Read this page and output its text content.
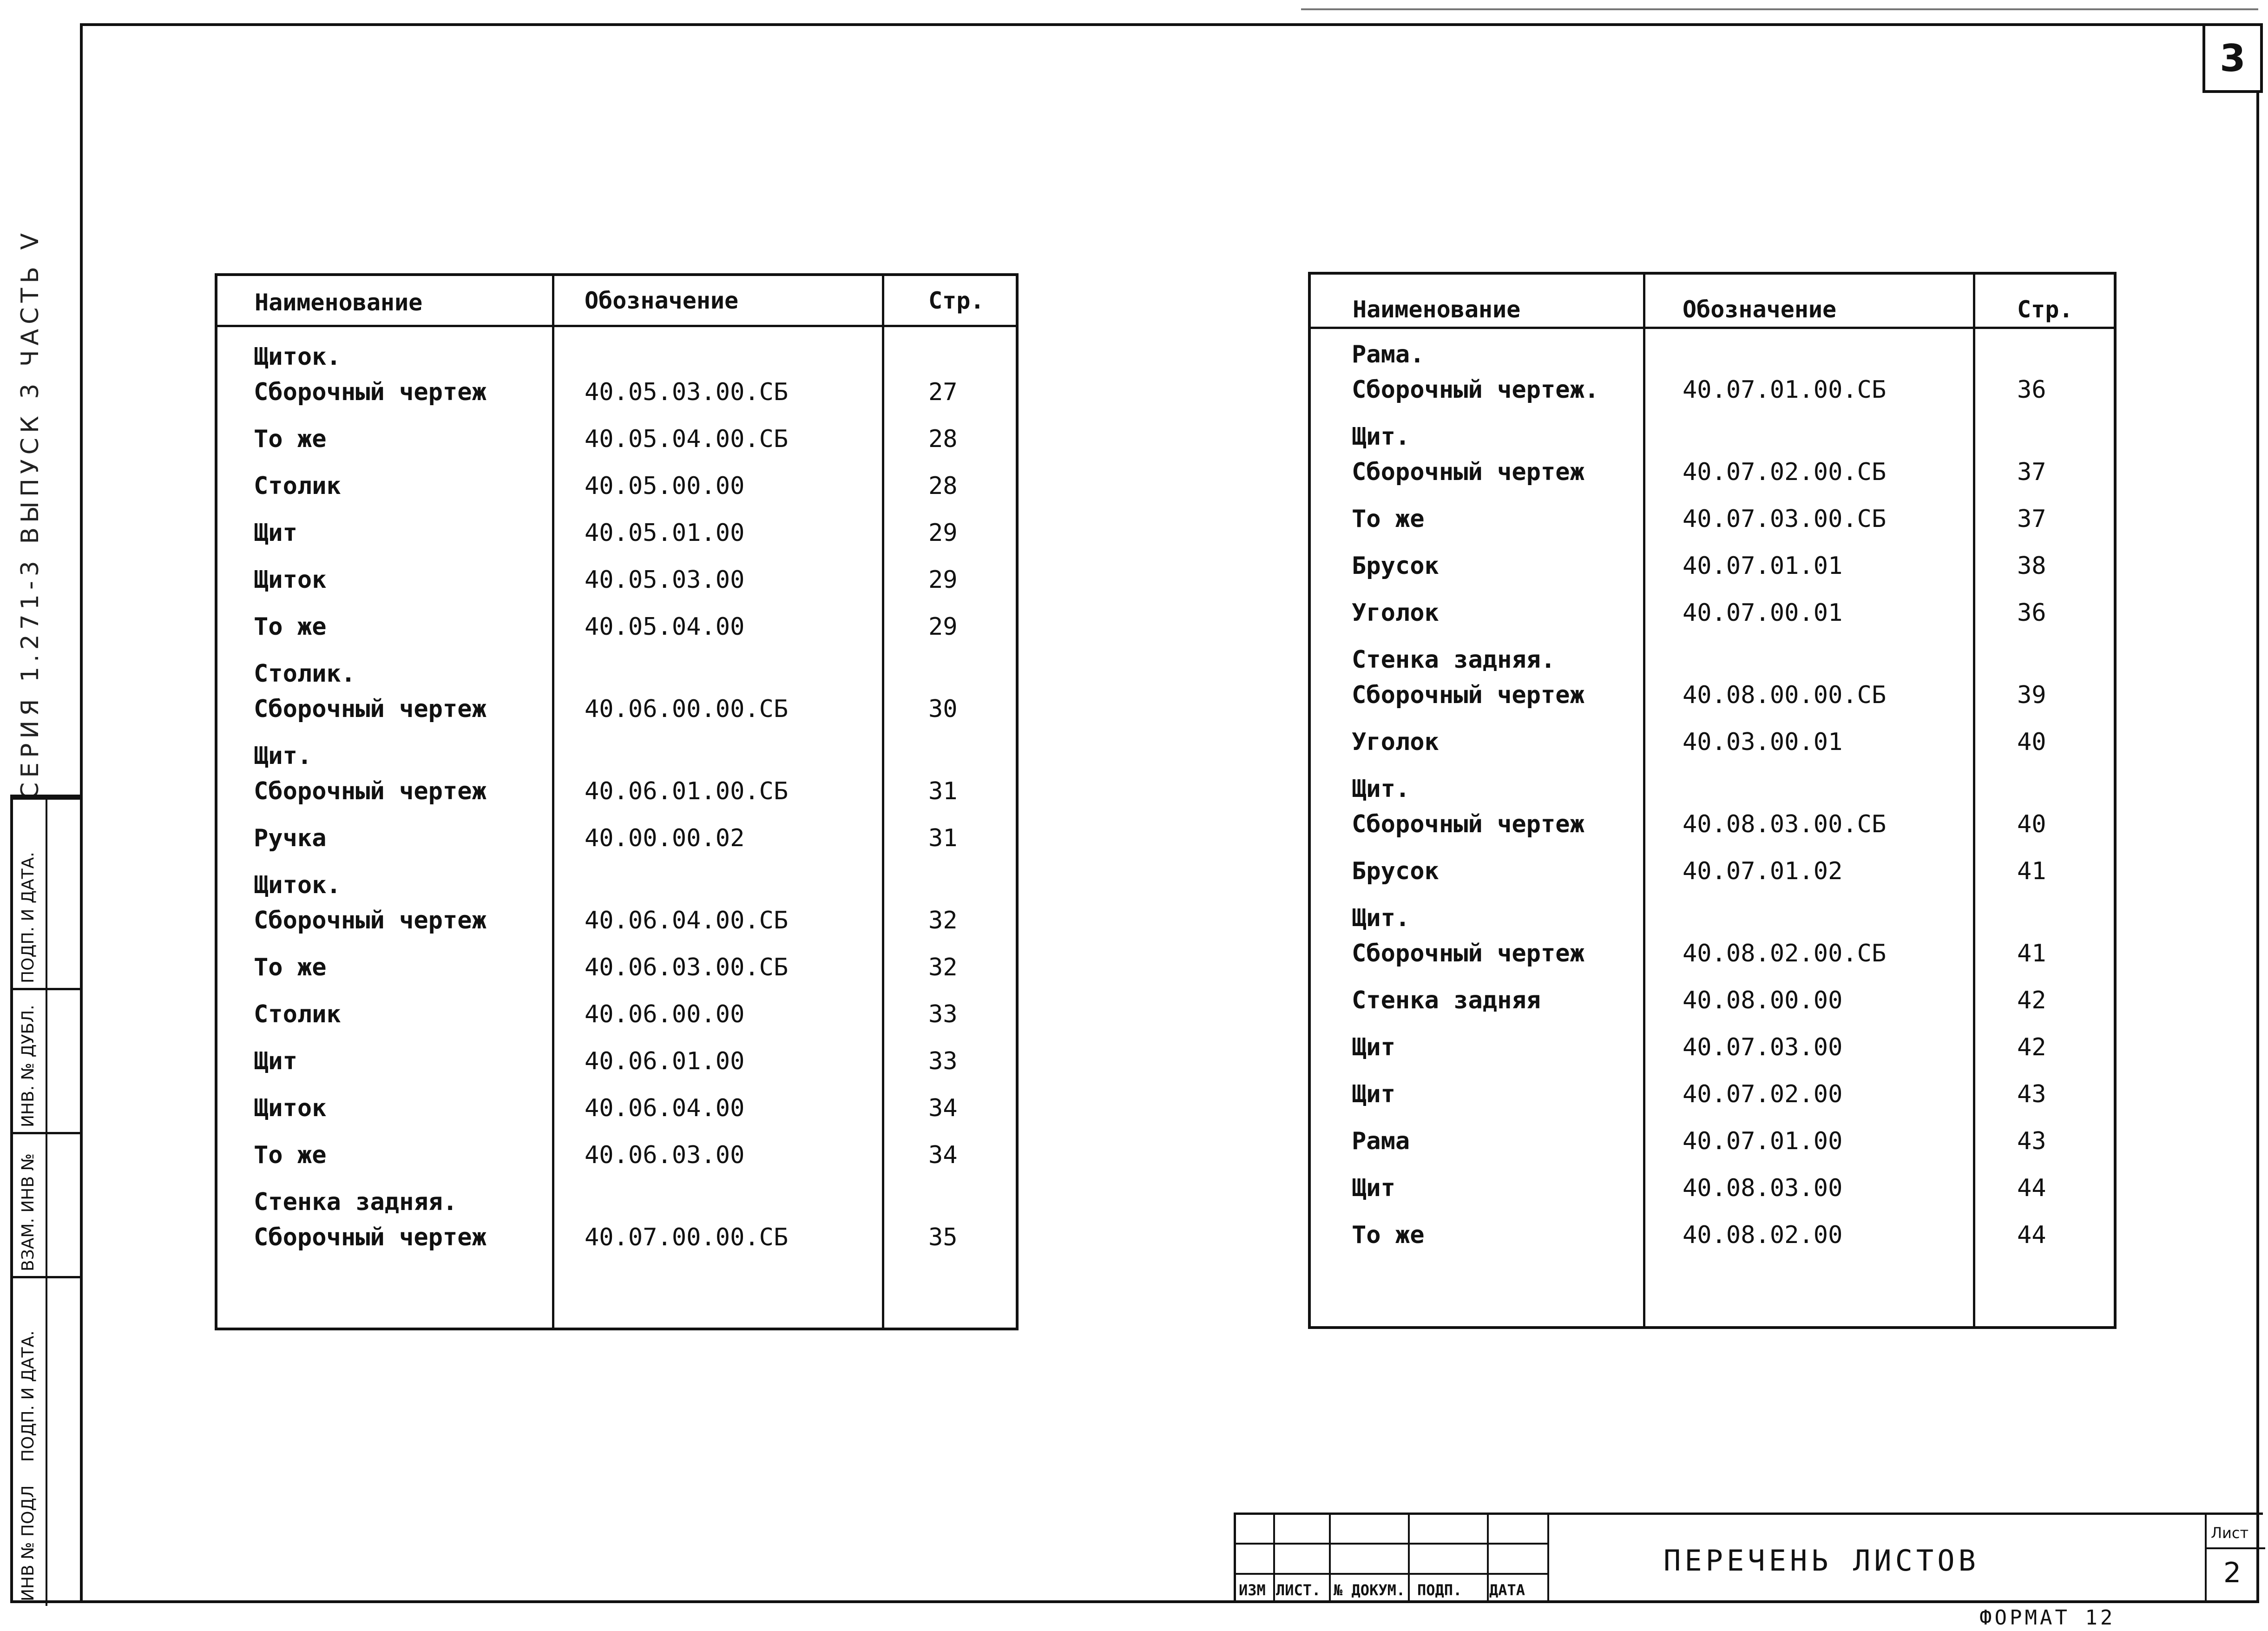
3
СЕРИЯ 1.271-3 ВЫПУСК 3 ЧАСТЬ V
ИНВ № ПОДЛ
ПОДП. И ДАТА.
ВЗАМ. ИНВ №
ИНВ. № ДУБЛ.
ПОДП. И ДАТА.
Наименование	Обозначение	Стр.
Щиток.
Сборочный чертеж	40.05.03.00.СБ	27
То же	40.05.04.00.СБ	28
Столик	40.05.00.00	28
Щит	40.05.01.00	29
Щиток	40.05.03.00	29
То же	40.05.04.00	29
Столик.
Сборочный чертеж	40.06.00.00.СБ	30
Щит.
Сборочный чертеж	40.06.01.00.СБ	31
Ручка	40.00.00.02	31
Щиток.
Сборочный чертеж	40.06.04.00.СБ	32
То же	40.06.03.00.СБ	32
Столик	40.06.00.00	33
Щит	40.06.01.00	33
Щиток	40.06.04.00	34
То же	40.06.03.00	34
Стенка задняя.
Сборочный чертеж	40.07.00.00.СБ	35
Наименование	Обозначение	Стр.
Рама.
Сборочный чертеж.	40.07.01.00.СБ	36
Щит.
Сборочный чертеж	40.07.02.00.СБ	37
То же	40.07.03.00.СБ	37
Брусок	40.07.01.01	38
Уголок	40.07.00.01	36
Стенка задняя.
Сборочный чертеж	40.08.00.00.СБ	39
Уголок	40.03.00.01	40
Щит.
Сборочный чертеж	40.08.03.00.СБ	40
Брусок	40.07.01.02	41
Щит.
Сборочный чертеж	40.08.02.00.СБ	41
Стенка задняя	40.08.00.00	42
Щит	40.07.03.00	42
Щит	40.07.02.00	43
Рама	40.07.01.00	43
Щит	40.08.03.00	44
То же	40.08.02.00	44
ИЗМ ЛИСТ. № ДОКУМ. ПОДП. ДАТА
ПЕРЕЧЕНЬ ЛИСТОВ
Лист
2
ФОРМАТ 12
